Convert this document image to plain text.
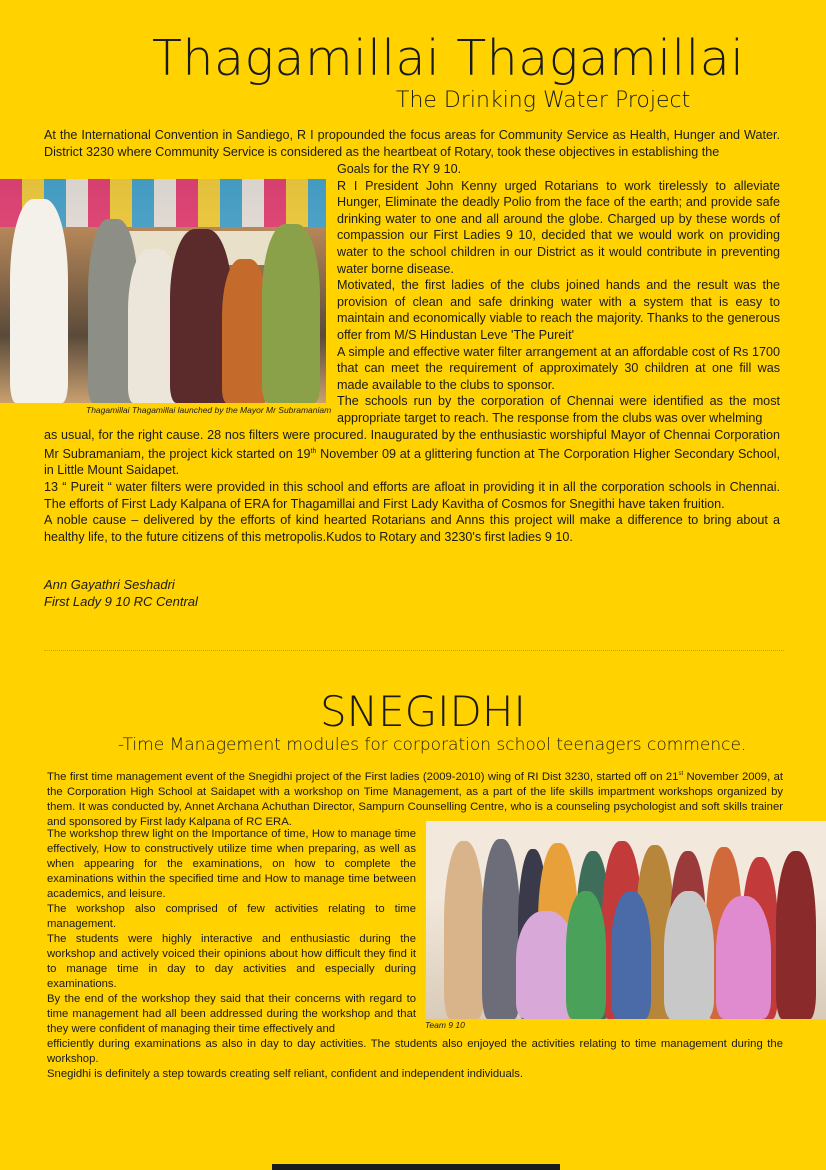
Thagamillai Thagamillai
The Drinking Water Project

At the International Convention in Sandiego, R I propounded the focus areas for Community Service as Health, Hunger and Water. District 3230 where Community Service is considered as the heartbeat of Rotary, took these objectives in establishing the

Goals for the RY 9 10.

R I President John Kenny urged Rotarians to work tirelessly to alleviate Hunger, Eliminate the deadly Polio from the face of the earth; and provide safe drinking water to one and all around the globe. Charged up by these words of compassion our First Ladies 9 10, decided that we would work on providing water to the school children in our District as it would contribute in preventing water borne disease.

Motivated, the first ladies of the clubs joined hands and the result was the provision of clean and safe drinking water with a system that is easy to maintain and economically viable to reach the majority. Thanks to the generous offer from M/S Hindustan Leve 'The Pureit'

A simple and effective water filter arrangement at an affordable cost of Rs 1700 that can meet the requirement of approximately 30 children at one fill was made available to the clubs to sponsor.

The schools run by the corporation of Chennai were identified as the most appropriate target to reach. The response from the clubs was over whelming

Thagamillai Thagamillai launched by the Mayor Mr Subramaniam

as usual, for the right cause. 28 nos filters were procured. Inaugurated by the enthusiastic worshipful Mayor of Chennai Corporation Mr Subramaniam, the project kick started on 19th November 09 at a glittering function at The Corporation Higher Secondary School, in Little Mount Saidapet.

13 “ Pureit “ water filters were provided in this school and efforts are afloat in providing it in all the corporation schools in Chennai. The efforts of First Lady Kalpana of ERA for Thagamillai and First Lady Kavitha of Cosmos for Snegithi have taken fruition.

A noble cause – delivered by the efforts of kind hearted Rotarians and Anns this project will make a difference to bring about a healthy life, to the future citizens of this metropolis.Kudos to Rotary and 3230's first ladies 9 10.

Ann Gayathri Seshadri
First Lady 9 10 RC Central
SNEGIDHI
-Time Management modules for corporation school teenagers commence.

The first time management event of the Snegidhi project of the First ladies (2009-2010) wing of RI Dist 3230, started off on 21st November 2009, at the Corporation High School at Saidapet with a workshop on Time Management, as a part of the life skills impartment workshops organized by them. It was conducted by, Annet Archana Achuthan Director, Sampurn Counselling Centre, who is a counseling psychologist and soft skills trainer and sponsored by First lady Kalpana of RC ERA.

The workshop threw light on the Importance of time, How to manage time effectively, How to constructively utilize time when preparing, as well as when appearing for the examinations, on how to complete the examinations within the specified time and How to manage time between academics, and leisure.

The workshop also comprised of few activities relating to time management.

The students were highly interactive and enthusiastic during the workshop and actively voiced their opinions about how difficult they find it to manage time in day to day activities and especially during examinations.

By the end of the workshop they said that their concerns with regard to time management had all been addressed during the workshop and that they were confident of managing their time effectively and	Team 9 10

efficiently during examinations as also in day to day activities. The students also enjoyed the activities relating to time management during the workshop.

Snegidhi is definitely a step towards creating self reliant, confident and independent individuals.
